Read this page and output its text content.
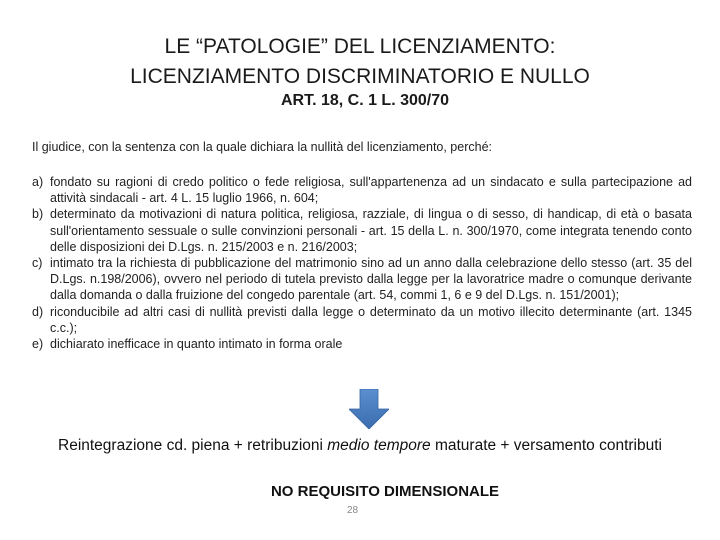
LE “PATOLOGIE” DEL LICENZIAMENTO:
LICENZIAMENTO DISCRIMINATORIO E NULLO
ART. 18, C. 1 L. 300/70
Il giudice, con la sentenza con la quale dichiara la nullità del licenziamento, perché:
a) fondato su ragioni di credo politico o fede religiosa, sull'appartenenza ad un sindacato e sulla partecipazione ad attività sindacali - art. 4 L. 15 luglio 1966, n. 604;
b) determinato da motivazioni di natura politica, religiosa, razziale, di lingua o di sesso, di handicap, di età o basata sull'orientamento sessuale o sulle convinzioni personali - art. 15 della L. n. 300/1970, come integrata tenendo conto delle disposizioni dei D.Lgs. n. 215/2003 e n. 216/2003;
c) intimato tra la richiesta di pubblicazione del matrimonio sino ad un anno dalla celebrazione dello stesso (art. 35 del D.Lgs. n.198/2006), ovvero nel periodo di tutela previsto dalla legge per la lavoratrice madre o comunque derivante dalla domanda o dalla fruizione del congedo parentale (art. 54, commi 1, 6 e 9 del D.Lgs. n. 151/2001);
d) riconducibile ad altri casi di nullità previsti dalla legge o determinato da un motivo illecito determinante (art. 1345 c.c.);
e) dichiarato inefficace in quanto intimato in forma orale
Reintegrazione cd. piena + retribuzioni medio tempore maturate + versamento contributi
NO REQUISITO DIMENSIONALE
28
